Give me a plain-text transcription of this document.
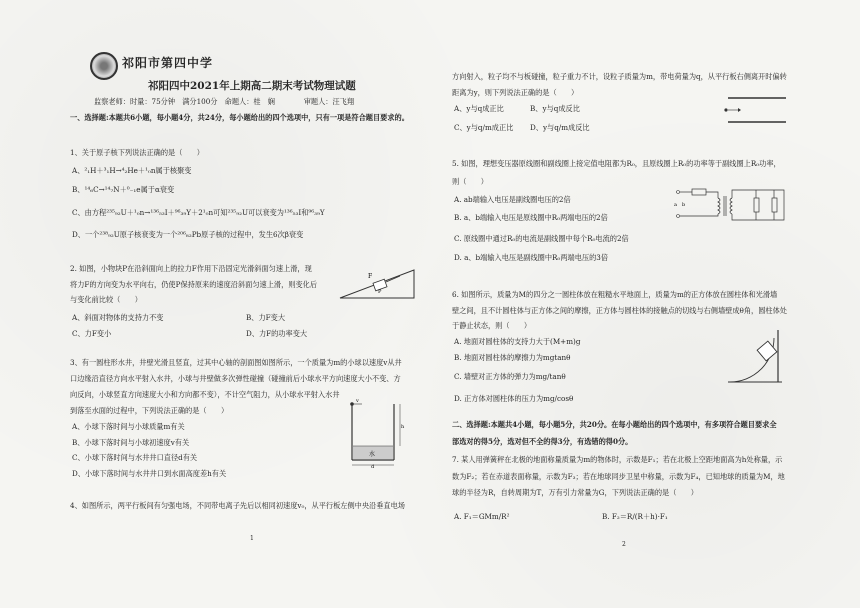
祁阳市第四中学
祁阳四中2021年上期高二期末考试物理试题
监察老师：时量：75分钟　满分100分　命题人：桂　娴　　　　审题人：汪飞翔
一、选择题:本题共6小题，每小题4分，共24分，每小题给出的四个选项中，只有一项是符合题目要求的。
1、关于原子核下列说法正确的是（　　）
A、²₁H＋³₁H→⁴₂He＋¹₀n属于核聚变
B、¹⁴₆C→¹⁴₇N＋⁰₋₁e属于α衰变
C、由方程²³⁵₉₂U＋¹₀n→¹³⁶₅₃I＋⁹⁶₃₉Y＋2¹₀n可知²³⁵₉₂U可以衰变为¹³⁶₅₃I和⁹⁶₃₉Y
D、一个²³⁸₉₂U原子核衰变为一个²⁰⁶₈₂Pb原子核的过程中，发生6次β衰变
2. 如图，小物块P在沿斜面向上的拉力F作用下沿固定光滑斜面匀速上滑，现
将力F的方向变为水平向右，仍使P保持原来的速度沿斜面匀速上滑，则变化后
与变化前比较（　　）
F
P
A、斜面对物体的支持力不变	B、力F变大
C、力F变小	D、力F的功率变大
3、有一圆柱形水井，井壁光滑且竖直，过其中心轴的剖面图如图所示，一个质量为m的小球以速度v从井
口边缘沿直径方向水平射入水井，小球与井壁做多次弹性碰撞（碰撞前后小球水平方向速度大小不变、方
向反向，小球竖直方向速度大小和方向都不变），不计空气阻力，从小球水平射入水井
到落至水面的过程中，下列说法正确的是（　　）
A、小球下落时间与小球质量m有关
B、小球下落时间与小球初速度v有关
C、小球下落时间与水井井口直径d有关
D、小球下落时间与水井井口到水面高度差h有关
水
v
d
h
4、如图所示，两平行板间有匀强电场，不同带电离子先后以相同初速度v₀，从平行板左侧中央沿垂直电场
1
方向射入，粒子均不与板碰撞，粒子重力不计，设粒子质量为m，带电荷量为q，从平行板右侧离开时偏转
距离为y，则下列说法正确的是（　　）
A、y与q成正比	B、y与q成反比
C、y与q/m成正比 D、y与q/m成反比
5. 如图，理想变压器原线圈和副线圈上接定值电阻都为R₀，且原线圈上R₀的功率等于副线圈上R₀功率，
则（　　）
A. ab端输入电压是副线圈电压的2倍
B. a、b端输入电压是原线圈中R₀两端电压的2倍
C. 原线圈中通过R₀的电流是副线圈中每个R₀电流的2倍
D. a、b端输入电压是副线圈中R₀两端电压的3倍
a　b
6. 如图所示，质量为M的四分之一圆柱体放在粗糙水平地面上，质量为m的正方体放在圆柱体和光滑墙
壁之间，且不计圆柱体与正方体之间的摩擦，正方体与圆柱体的接触点的切线与右侧墙壁成θ角，圆柱体处
于静止状态，则（　　）
A. 地面对圆柱体的支持力大于(M+m)g
B. 地面对圆柱体的摩擦力为mgtanθ
C. 墙壁对正方体的弹力为mg/tanθ
D. 正方体对圆柱体的压力为mg/cosθ
二、选择题:本题共4小题，每小题5分，共20分。在每小题给出的四个选项中，有多项符合题目要求全
部选对的得5分，选对但不全的得3分，有选错的得0分。
7. 某人用弹簧秤在北极的地面称量质量为m的物体时，示数是F₁；若在北极上空距地面高为h处称量，示
数为F₂；若在赤道表面称量，示数为F₃；若在地球同步卫星中称量，示数为F₄，已知地球的质量为M，地
球的半径为R，自转周期为T，万有引力常量为G，下列说法正确的是（　　）
A. F₁＝GMm/R²	B. F₂＝R/(R＋h)·F₁
2
